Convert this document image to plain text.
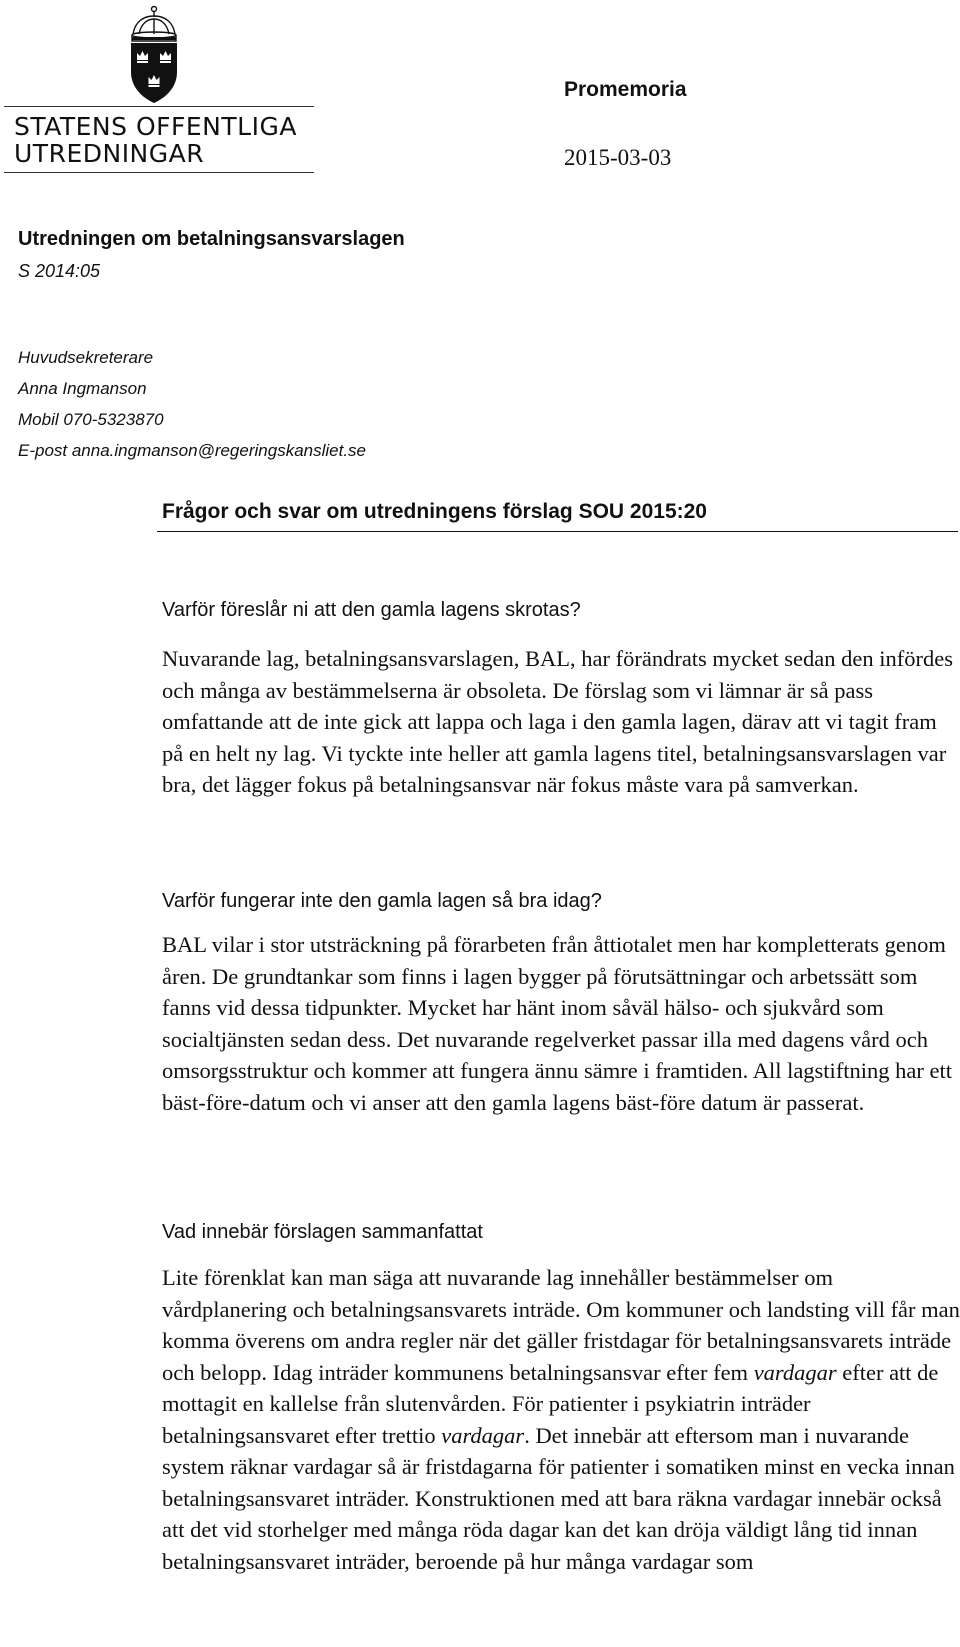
STATENS OFFENTLIGA
UTREDNINGAR
Promemoria
2015-03-03
Utredningen om betalningsansvarslagen
S 2014:05
Huvudsekreterare
Anna Ingmanson
Mobil 070-5323870
E-post anna.ingmanson@regeringskansliet.se
Frågor och svar om utredningens förslag SOU 2015:20
Varför föreslår ni att den gamla lagens skrotas?

Nuvarande lag, betalningsansvarslagen, BAL, har förändrats mycket sedan den infördes och många av bestämmelserna är obsoleta. De förslag som vi lämnar är så pass omfattande att de inte gick att lappa och laga i den gamla lagen, därav att vi tagit fram på en helt ny lag. Vi tyckte inte heller att gamla lagens titel, betalningsansvarslagen var bra, det lägger fokus på betalningsansvar när fokus måste vara på samverkan.

Varför fungerar inte den gamla lagen så bra idag?

BAL vilar i stor utsträckning på förarbeten från åttiotalet men har kompletterats genom åren. De grundtankar som finns i lagen bygger på förutsättningar och arbetssätt som fanns vid dessa tidpunkter. Mycket har hänt inom såväl hälso- och sjukvård som socialtjänsten sedan dess. Det nuvarande regelverket passar illa med dagens vård och omsorgsstruktur och kommer att fungera ännu sämre i framtiden. All lagstiftning har ett bäst-före-datum och vi anser att den gamla lagens bäst-före datum är passerat.

Vad innebär förslagen sammanfattat

Lite förenklat kan man säga att nuvarande lag innehåller bestämmelser om vårdplanering och betalningsansvarets inträde. Om kommuner och landsting vill får man komma överens om andra regler när det gäller fristdagar för betalningsansvarets inträde och belopp. Idag inträder kommunens betalningsansvar efter fem vardagar efter att de mottagit en kallelse från slutenvården. För patienter i psykiatrin inträder betalningsansvaret efter trettio vardagar. Det innebär att eftersom man i nuvarande system räknar vardagar så är fristdagarna för patienter i somatiken minst en vecka innan betalningsansvaret inträder. Konstruktionen med att bara räkna vardagar innebär också att det vid storhelger med många röda dagar kan det kan dröja väldigt lång tid innan betalningsansvaret inträder, beroende på hur många vardagar som
